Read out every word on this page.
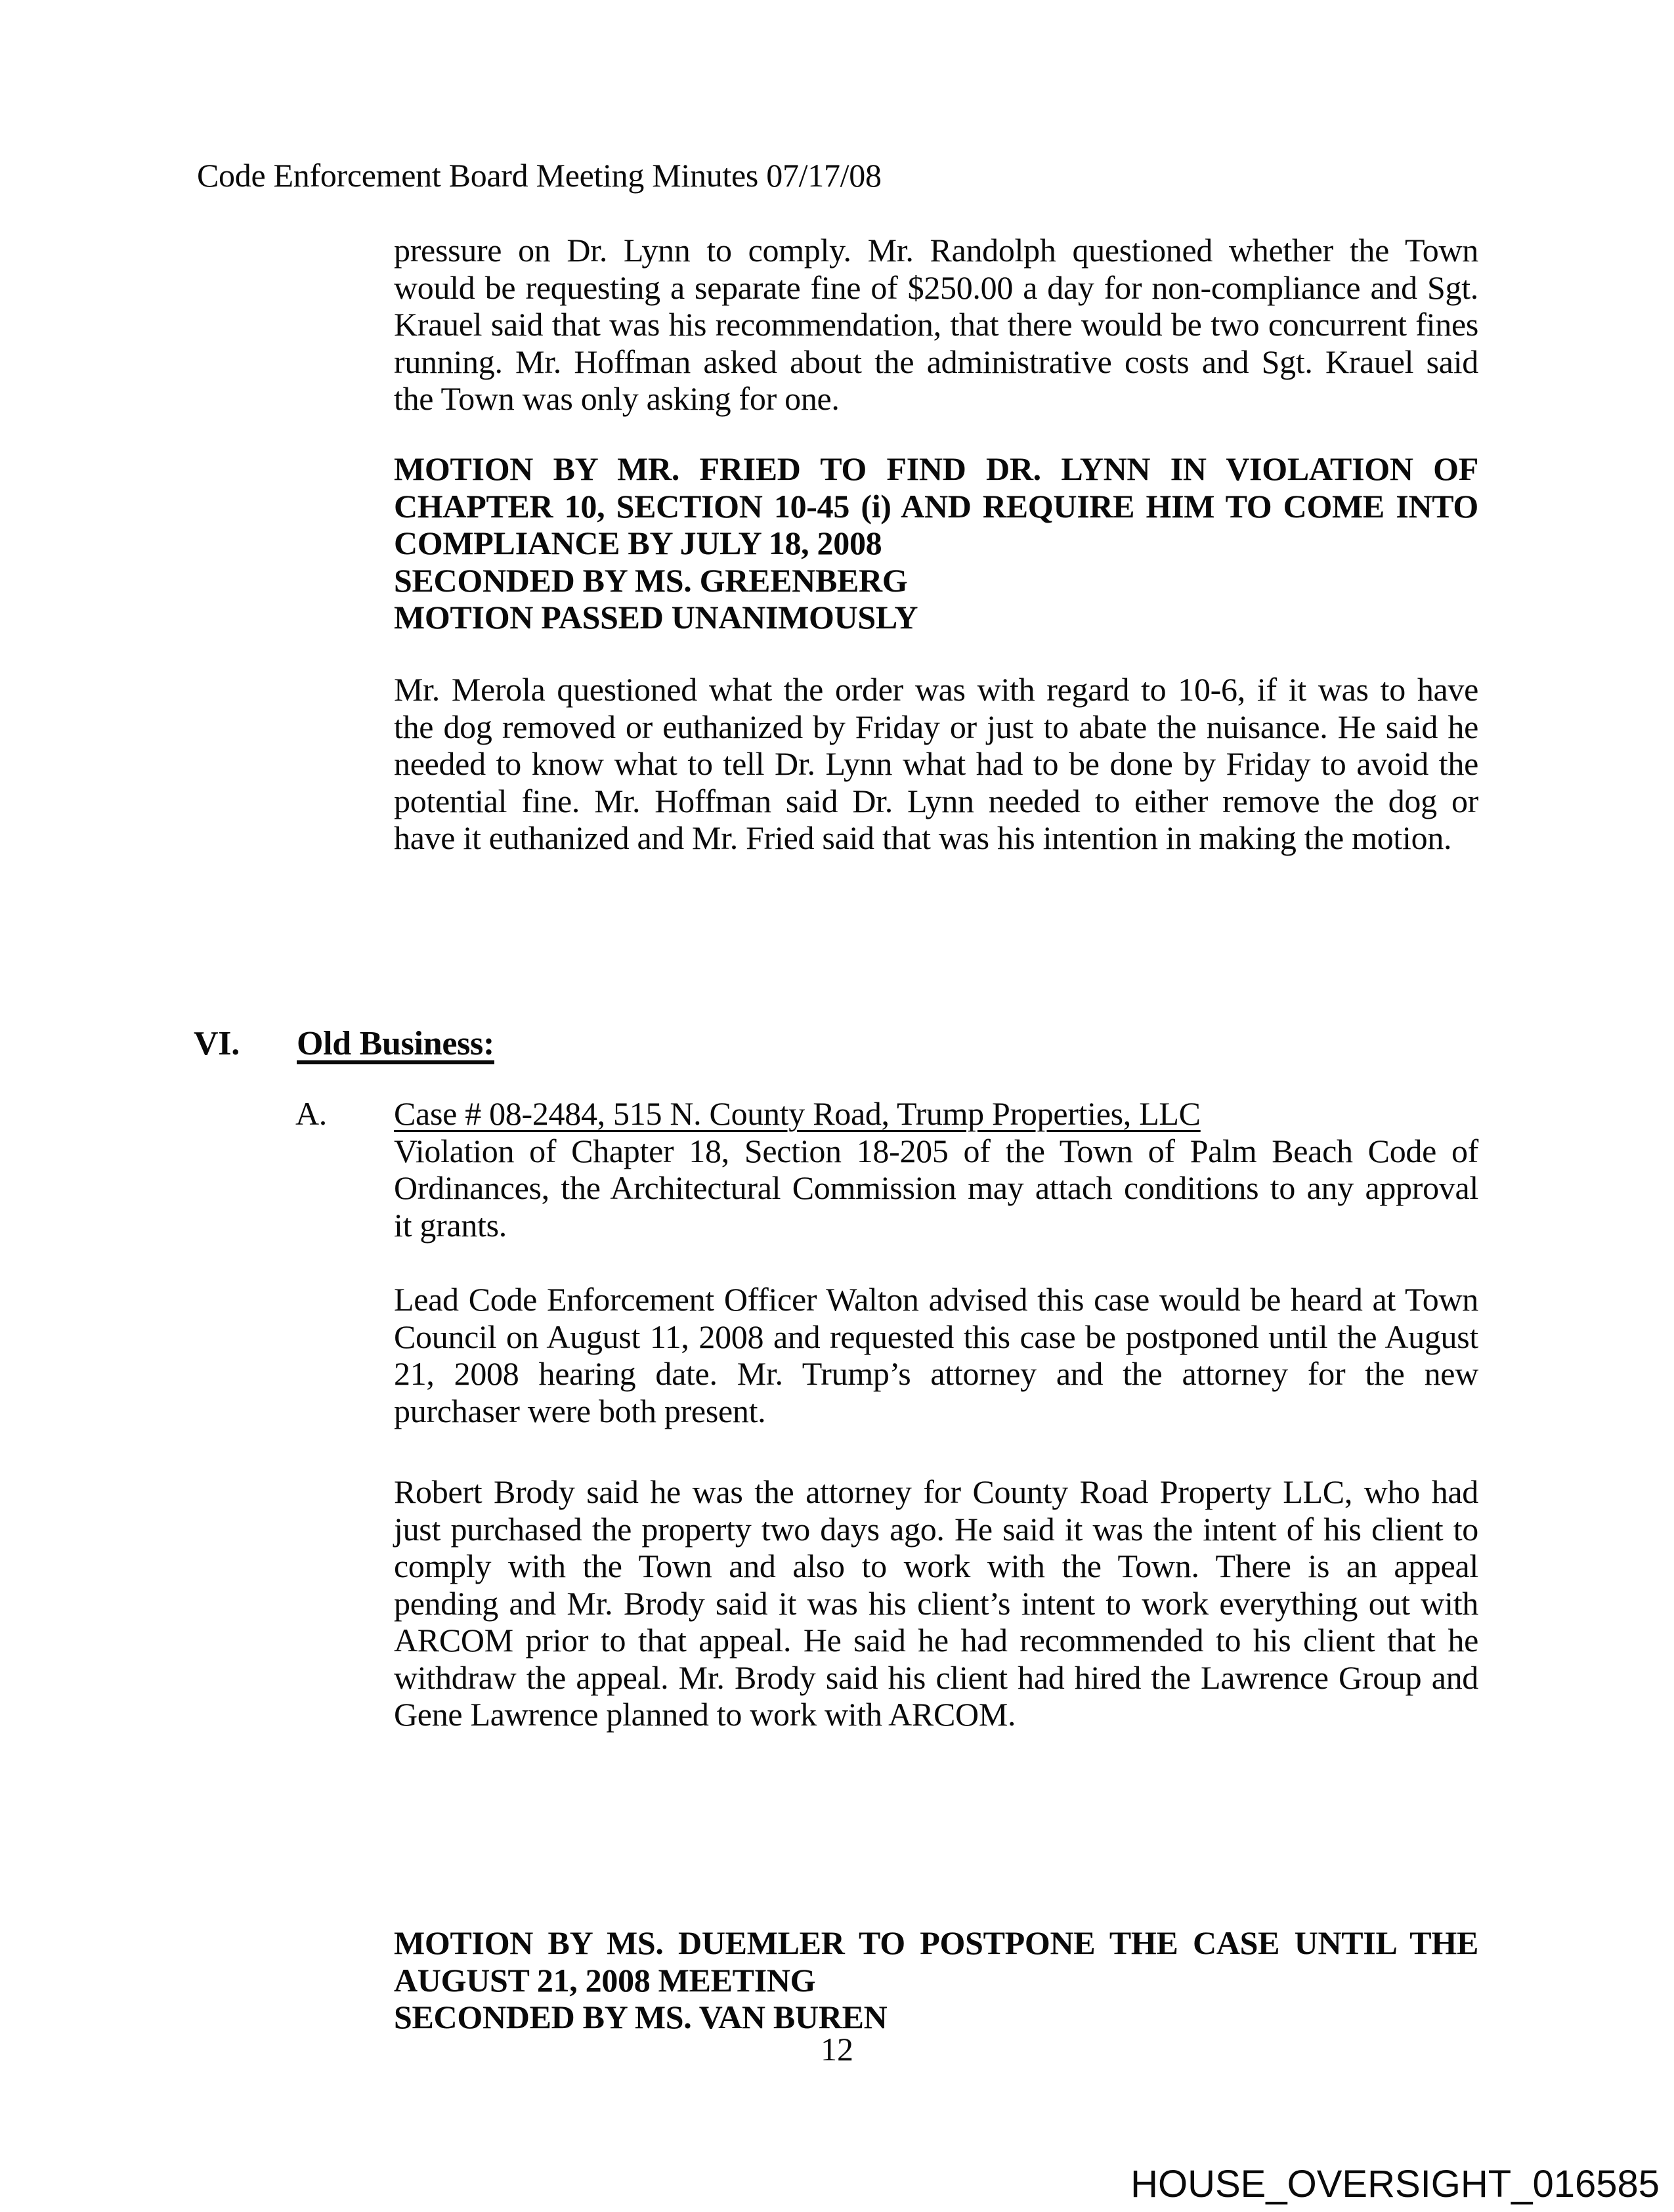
Code Enforcement Board Meeting Minutes 07/17/08
pressure on Dr. Lynn to comply. Mr. Randolph questioned whether the Town
would be requesting a separate fine of $250.00 a day for non-compliance and Sgt.
Krauel said that was his recommendation, that there would be two concurrent fines
running. Mr. Hoffman asked about the administrative costs and Sgt. Krauel said
the Town was only asking for one.
MOTION BY MR. FRIED TO FIND DR. LYNN IN VIOLATION OF
CHAPTER 10, SECTION 10-45 (i) AND REQUIRE HIM TO COME INTO
COMPLIANCE BY JULY 18, 2008
SECONDED BY MS. GREENBERG
MOTION PASSED UNANIMOUSLY
Mr. Merola questioned what the order was with regard to 10-6, if it was to have
the dog removed or euthanized by Friday or just to abate the nuisance. He said he
needed to know what to tell Dr. Lynn what had to be done by Friday to avoid the
potential fine. Mr. Hoffman said Dr. Lynn needed to either remove the dog or
have it euthanized and Mr. Fried said that was his intention in making the motion.
VI. Old Business:
A. Case # 08-2484, 515 N. County Road, Trump Properties, LLC
Violation of Chapter 18, Section 18-205 of the Town of Palm Beach Code of
Ordinances, the Architectural Commission may attach conditions to any approval
it grants.
Lead Code Enforcement Officer Walton advised this case would be heard at Town
Council on August 11, 2008 and requested this case be postponed until the August
21, 2008 hearing date. Mr. Trump’s attorney and the attorney for the new
purchaser were both present.
Robert Brody said he was the attorney for County Road Property LLC, who had
just purchased the property two days ago. He said it was the intent of his client to
comply with the Town and also to work with the Town. There is an appeal
pending and Mr. Brody said it was his client’s intent to work everything out with
ARCOM prior to that appeal. He said he had recommended to his client that he
withdraw the appeal. Mr. Brody said his client had hired the Lawrence Group and
Gene Lawrence planned to work with ARCOM.
MOTION BY MS. DUEMLER TO POSTPONE THE CASE UNTIL THE
AUGUST 21, 2008 MEETING
SECONDED BY MS. VAN BUREN
12
HOUSE_OVERSIGHT_016585
